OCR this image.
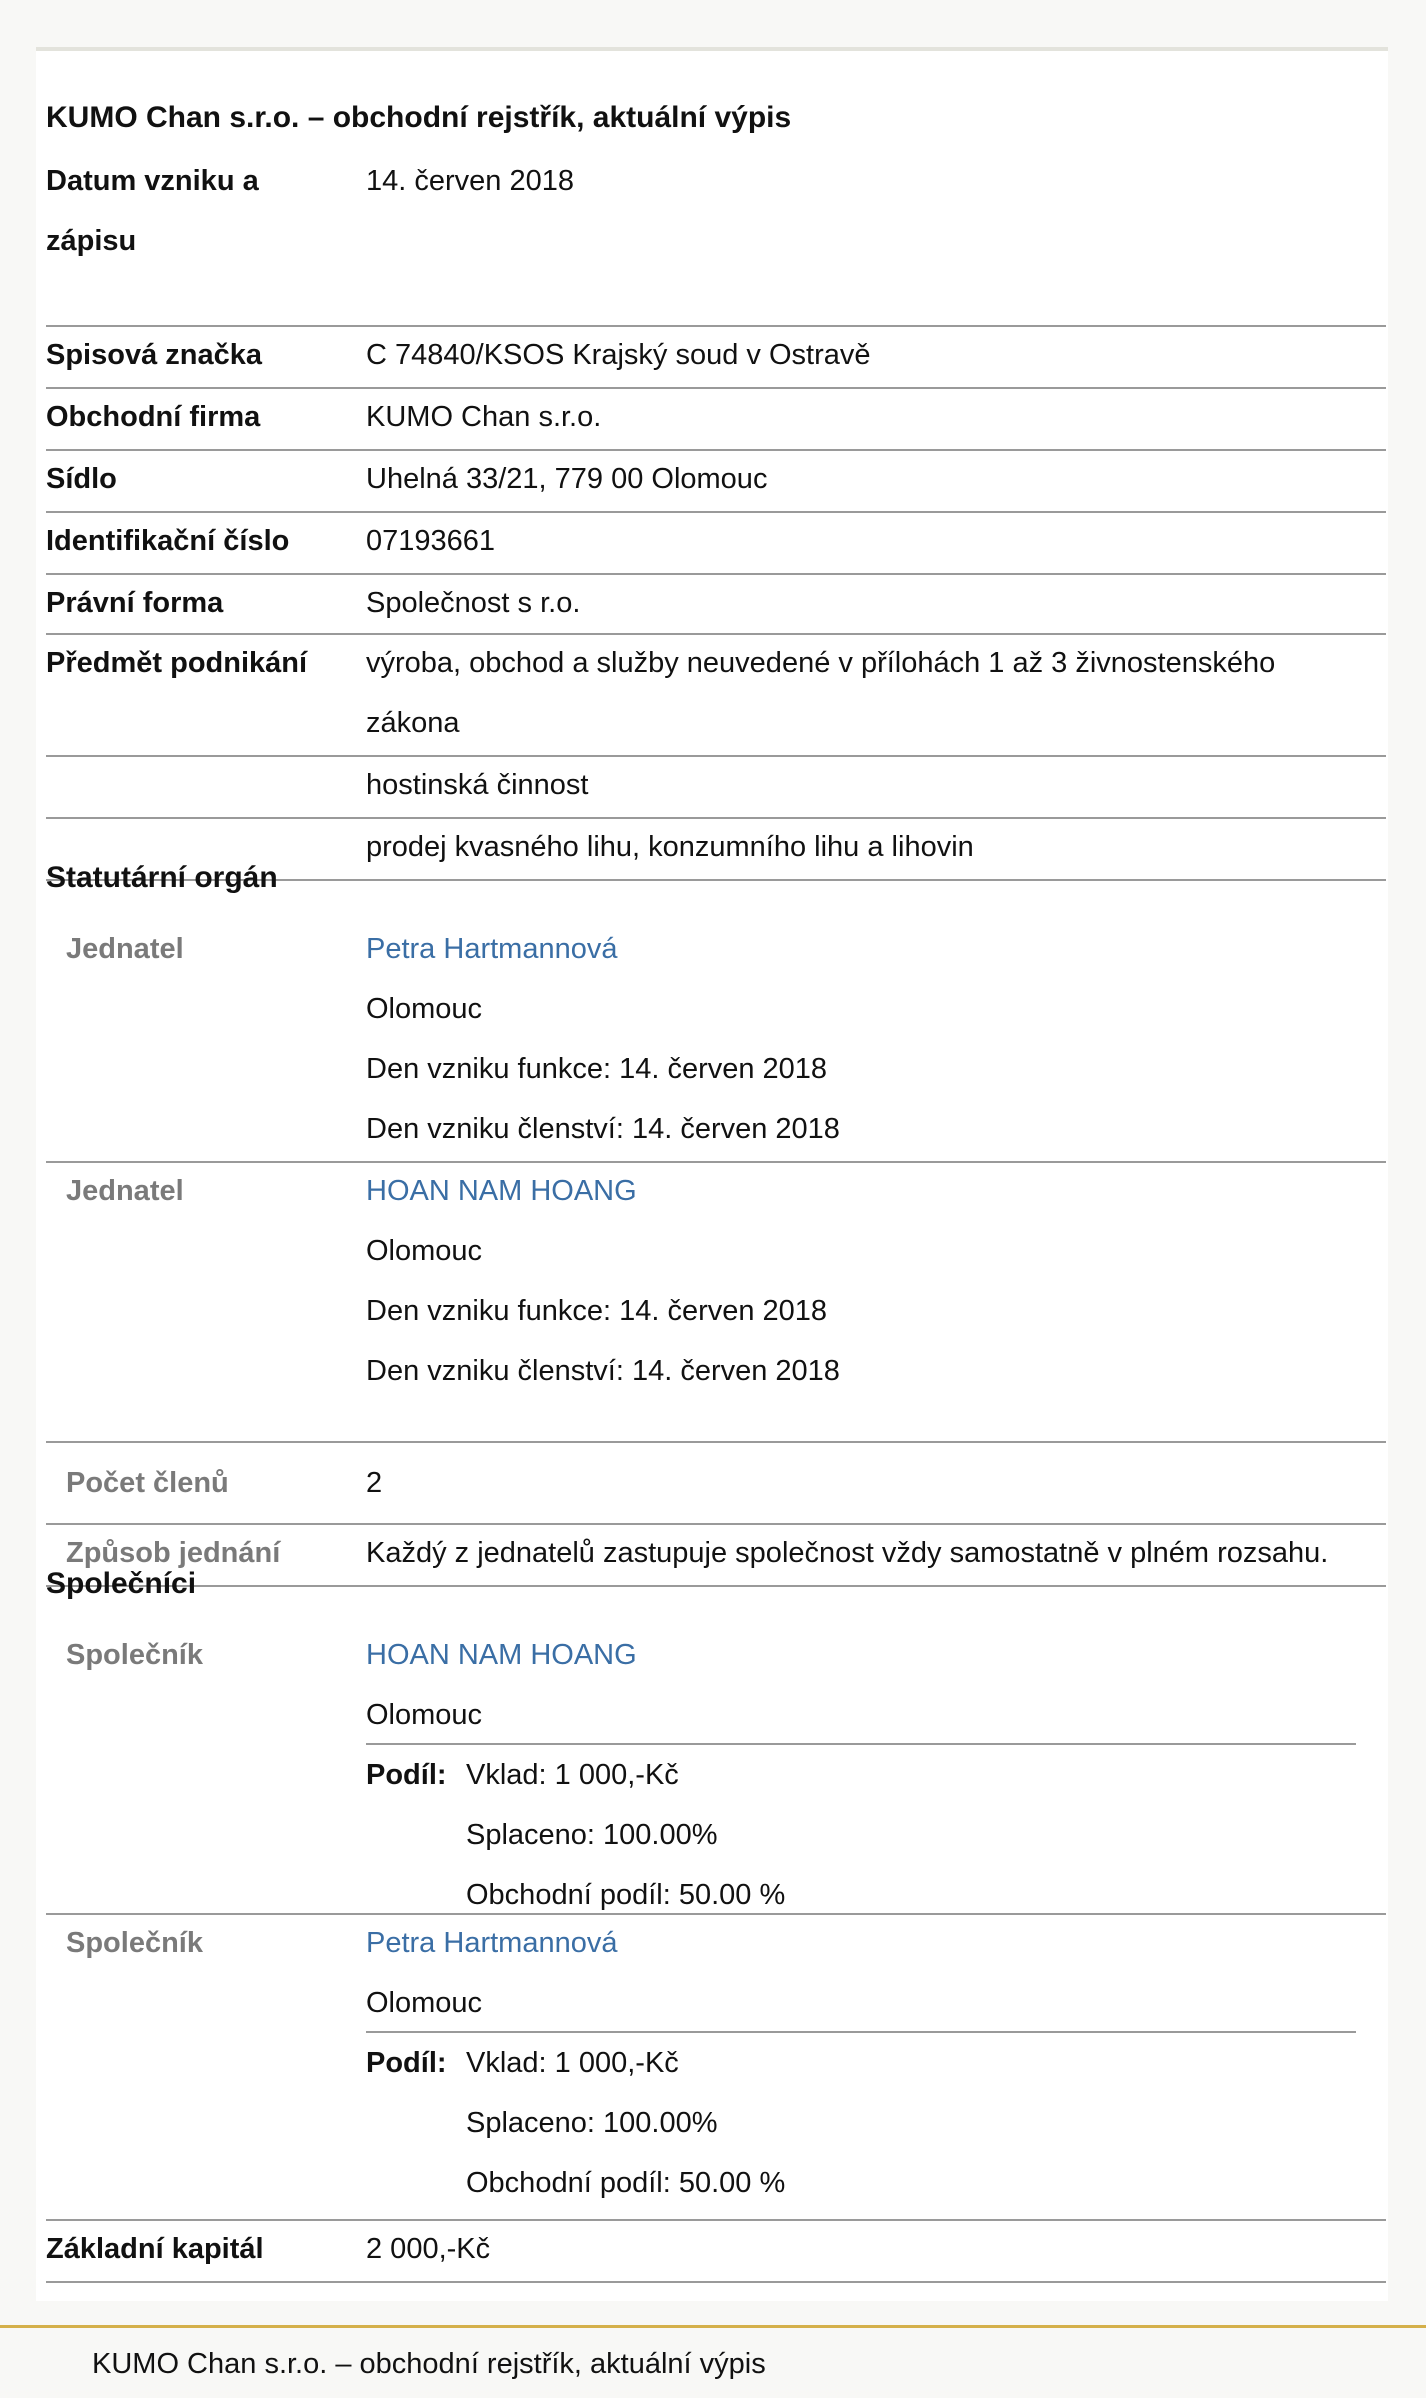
KUMO Chan s.r.o. – obchodní rejstřík, aktuální výpis
Datum vzniku a
zápisu
14. červen 2018
Spisová značka	C 74840/KSOS Krajský soud v Ostravě
Obchodní firma	KUMO Chan s.r.o.
Sídlo	Uhelná 33/21, 779 00 Olomouc
Identifikační číslo	07193661
Právní forma	Společnost s r.o.
Předmět podnikání výroba, obchod a služby neuvedené v přílohách 1 až 3 živnostenského
zákona
hostinská činnost
prodej kvasného lihu, konzumního lihu a lihovin
Statutární orgán
Jednatel	Petra Hartmannová
Olomouc
Den vzniku funkce: 14. červen 2018
Den vzniku členství: 14. červen 2018
Jednatel	HOAN NAM HOANG
Olomouc
Den vzniku funkce: 14. červen 2018
Den vzniku členství: 14. červen 2018
Počet členů	2
Způsob jednání	Každý z jednatelů zastupuje společnost vždy samostatně v plném rozsahu.
Společníci
Společník	HOAN NAM HOANG
Olomouc
Podíl: Vklad: 1 000,-Kč
Splaceno: 100.00%
Obchodní podíl: 50.00 %
Společník	Petra Hartmannová
Olomouc
Podíl: Vklad: 1 000,-Kč
Splaceno: 100.00%
Obchodní podíl: 50.00 %
Základní kapitál	2 000,-Kč
KUMO Chan s.r.o. – obchodní rejstřík, aktuální výpis
